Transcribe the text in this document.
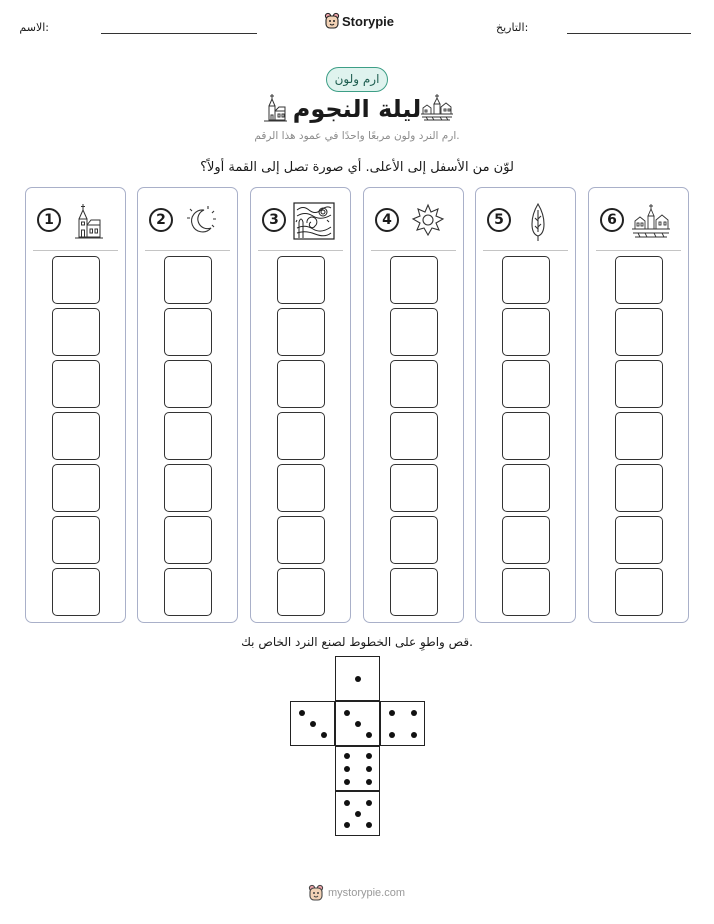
الاسم:	التاريخ:
Storypie
ارم ولون
ليلة النجوم
ارم النرد ولون مربعًا واحدًا في عمود هذا الرقم.
لوّن من الأسفل إلى الأعلى. أي صورة تصل إلى القمة أولاً؟
1	2	3	4	5	6
قص واطوِ على الخطوط لصنع النرد الخاص بك.
mystorypie.com
